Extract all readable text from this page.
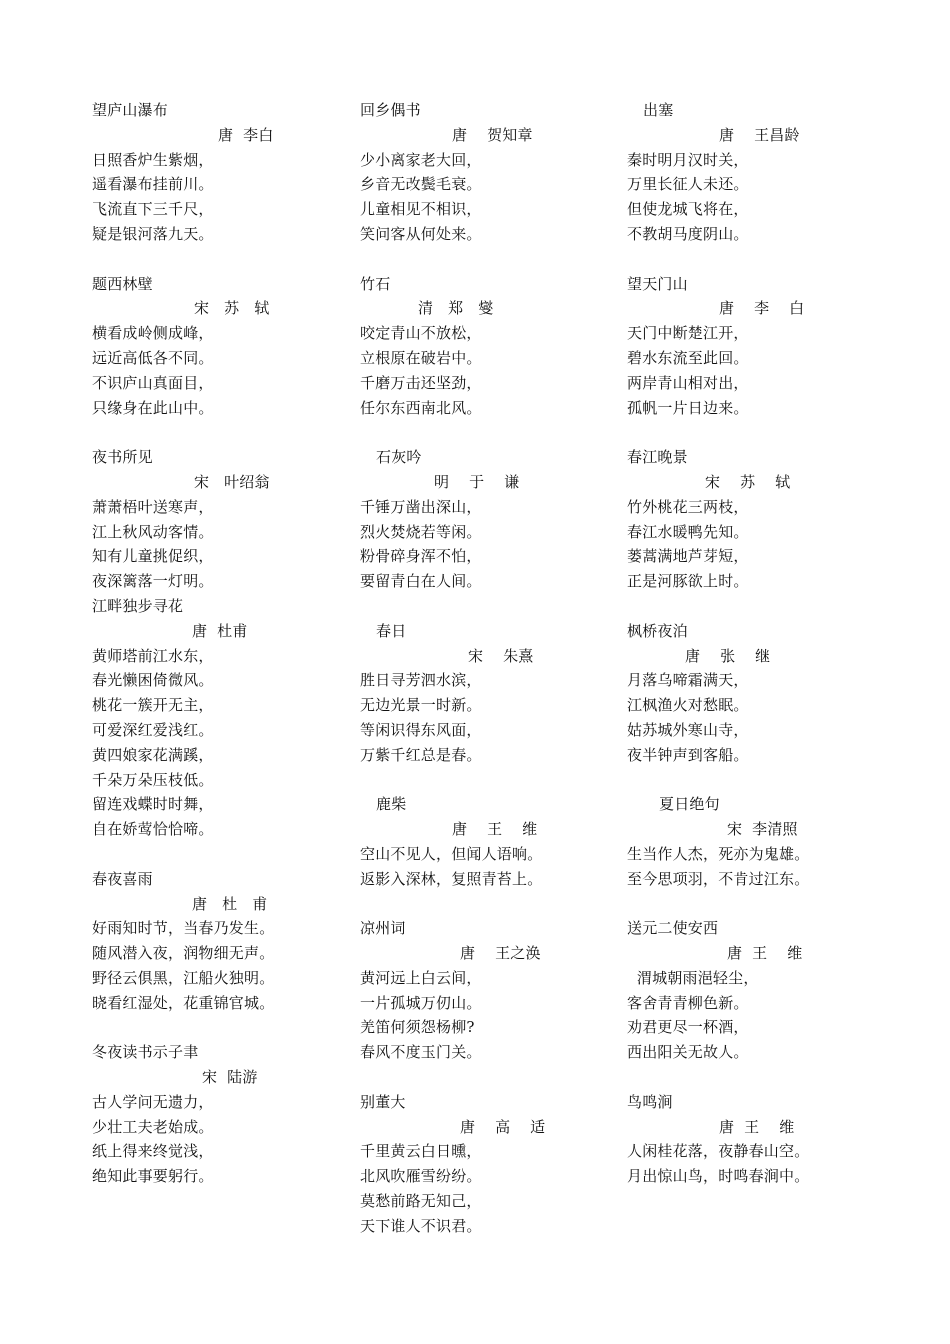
望庐山瀑布
唐  李白
日照香炉生紫烟，
遥看瀑布挂前川。
飞流直下三千尺，
疑是银河落九天。
题西林壁
宋   苏   轼
横看成岭侧成峰，
远近高低各不同。
不识庐山真面目，
只缘身在此山中。
夜书所见
宋   叶绍翁
萧萧梧叶送寒声，
江上秋风动客情。
知有儿童挑促织，
夜深篱落一灯明。
江畔独步寻花
唐  杜甫
黄师塔前江水东，
春光懒困倚微风。
桃花一簇开无主，
可爱深红爱浅红。
黄四娘家花满蹊，
千朵万朵压枝低。
留连戏蝶时时舞，
自在娇莺恰恰啼。
春夜喜雨
唐   杜   甫
好雨知时节，当春乃发生。
随风潜入夜，润物细无声。
野径云俱黑，江船火独明。
晓看红湿处，花重锦官城。
冬夜读书示子聿
宋  陆游
古人学问无遗力，
少壮工夫老始成。
纸上得来终觉浅，
绝知此事要躬行。
回乡偶书
唐    贺知章
少小离家老大回，
乡音无改鬓毛衰。
儿童相见不相识，
笑问客从何处来。
竹石
清   郑   燮
咬定青山不放松，
立根原在破岩中。
千磨万击还坚劲，
任尔东西南北风。
石灰吟
明    于    谦
千锤万凿出深山，
烈火焚烧若等闲。
粉骨碎身浑不怕，
要留青白在人间。
春日
宋    朱熹
胜日寻芳泗水滨，
无边光景一时新。
等闲识得东风面，
万紫千红总是春。
鹿柴
唐    王    维
空山不见人，但闻人语响。
返影入深林，复照青苔上。
凉州词
唐    王之涣
黄河远上白云间，
一片孤城万仞山。
羌笛何须怨杨柳?
春风不度玉门关。
别董大
唐    高    适
千里黄云白日曛，
北风吹雁雪纷纷。
莫愁前路无知己，
天下谁人不识君。
出塞
唐    王昌龄
秦时明月汉时关，
万里长征人未还。
但使龙城飞将在，
不教胡马度阴山。
望天门山
唐    李    白
天门中断楚江开，
碧水东流至此回。
两岸青山相对出，
孤帆一片日边来。
春江晚景
宋    苏    轼
竹外桃花三两枝，
春江水暖鸭先知。
蒌蒿满地芦芽短，
正是河豚欲上时。
枫桥夜泊
唐    张    继
月落乌啼霜满天，
江枫渔火对愁眠。
姑苏城外寒山寺，
夜半钟声到客船。
夏日绝句
宋  李清照
生当作人杰，死亦为鬼雄。
至今思项羽，不肯过江东。
送元二使安西
唐  王    维
渭城朝雨浥轻尘，
客舍青青柳色新。
劝君更尽一杯酒，
西出阳关无故人。
鸟鸣涧
唐  王    维
人闲桂花落，夜静春山空。
月出惊山鸟，时鸣春涧中。
